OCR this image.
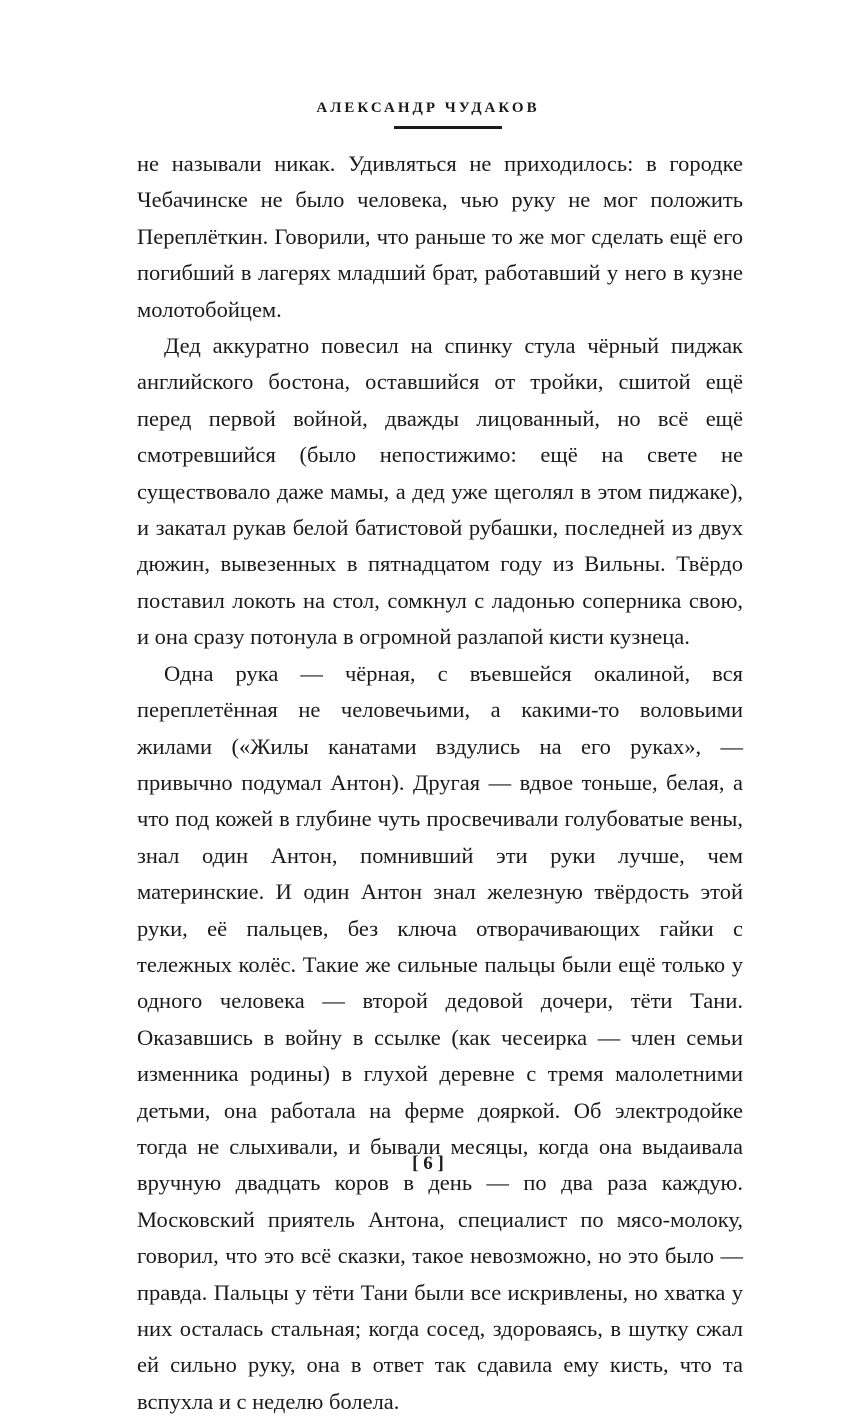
АЛЕКСАНДР ЧУДАКОВ

не называли никак. Удивляться не приходилось: в городке Чебачинске не было человека, чью руку не мог положить Переплёткин. Говорили, что раньше то же мог сделать ещё его погибший в лагерях младший брат, работавший у него в кузне молотобойцем.

Дед аккуратно повесил на спинку стула чёрный пиджак английского бостона, оставшийся от тройки, сшитой ещё перед первой войной, дважды лицованный, но всё ещё смотревшийся (было непостижимо: ещё на свете не существовало даже мамы, а дед уже щеголял в этом пиджаке), и закатал рукав белой батистовой рубашки, последней из двух дюжин, вывезенных в пятнадцатом году из Вильны. Твёрдо поставил локоть на стол, сомкнул с ладонью соперника свою, и она сразу потонула в огромной разлапой кисти кузнеца.

Одна рука — чёрная, с въевшейся окалиной, вся переплетённая не человечьими, а какими-то воловьими жилами («Жилы канатами вздулись на его руках», — привычно подумал Антон). Другая — вдвое тоньше, белая, а что под кожей в глубине чуть просвечивали голубоватые вены, знал один Антон, помнивший эти руки лучше, чем материнские. И один Антон знал железную твёрдость этой руки, её пальцев, без ключа отворачивающих гайки с тележных колёс. Такие же сильные пальцы были ещё только у одного человека — второй дедовой дочери, тёти Тани. Оказавшись в войну в ссылке (как чесеирка — член семьи изменника родины) в глухой деревне с тремя малолетними детьми, она работала на ферме дояркой. Об электродойке тогда не слыхивали, и бывали месяцы, когда она выдаивала вручную двадцать коров в день — по два раза каждую. Московский приятель Антона, специалист по мясо-молоку, говорил, что это всё сказки, такое невозможно, но это было — правда. Пальцы у тёти Тани были все искривлены, но хватка у них осталась стальная; когда сосед, здороваясь, в шутку сжал ей сильно руку, она в ответ так сдавила ему кисть, что та вспухла и с неделю болела.

[ 6 ]
